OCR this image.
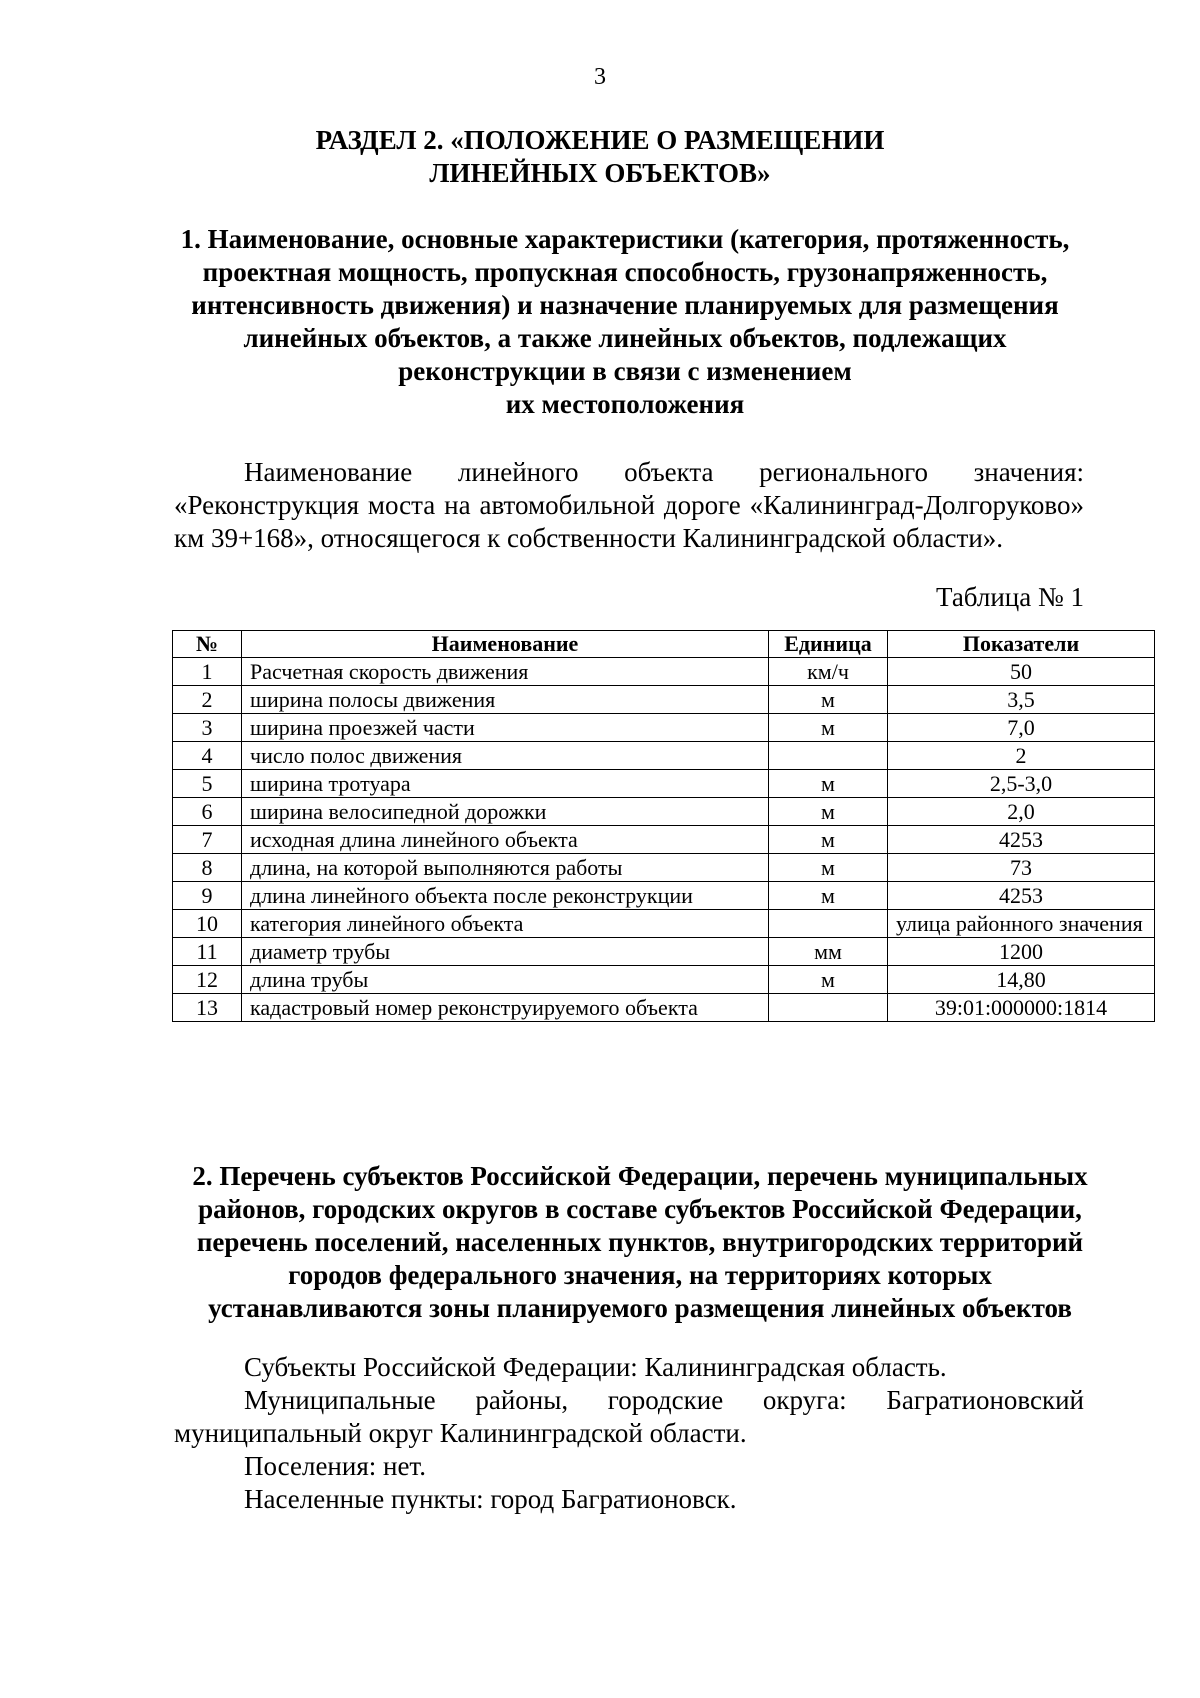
3
РАЗДЕЛ 2. «ПОЛОЖЕНИЕ О РАЗМЕЩЕНИИ
ЛИНЕЙНЫХ ОБЪЕКТОВ»
1. Наименование, основные характеристики (категория, протяженность,
проектная мощность, пропускная способность, грузонапряженность,
интенсивность движения) и назначение планируемых для размещения
линейных объектов, а также линейных объектов, подлежащих
реконструкции в связи с изменением
их местоположения
Наименование линейного объекта регионального значения: «Реконструкция моста на автомобильной дороге «Калининград-Долгоруково» км 39+168», относящегося к собственности Калининградской области».
Таблица № 1
№	Наименование	Единица	Показатели
1	Расчетная скорость движения	км/ч	50
2	ширина полосы движения	м	3,5
3	ширина проезжей части	м	7,0
4	число полос движения		2
5	ширина тротуара	м	2,5-3,0
6	ширина велосипедной дорожки	м	2,0
7	исходная длина линейного объекта	м	4253
8	длина, на которой выполняются работы	м	73
9	длина линейного объекта после реконструкции	м	4253
10	категория линейного объекта		улица районного значения
11	диаметр трубы	мм	1200
12	длина трубы	м	14,80
13	кадастровый номер реконструируемого объекта		39:01:000000:1814
2. Перечень субъектов Российской Федерации, перечень муниципальных
районов, городских округов в составе субъектов Российской Федерации,
перечень поселений, населенных пунктов, внутригородских территорий
городов федерального значения, на территориях которых
устанавливаются зоны планируемого размещения линейных объектов

Субъекты Российской Федерации: Калининградская область.

Муниципальные районы, городские округа: Багратионовский

муниципальный округ Калининградской области.

Поселения: нет.

Населенные пункты: город Багратионовск.
